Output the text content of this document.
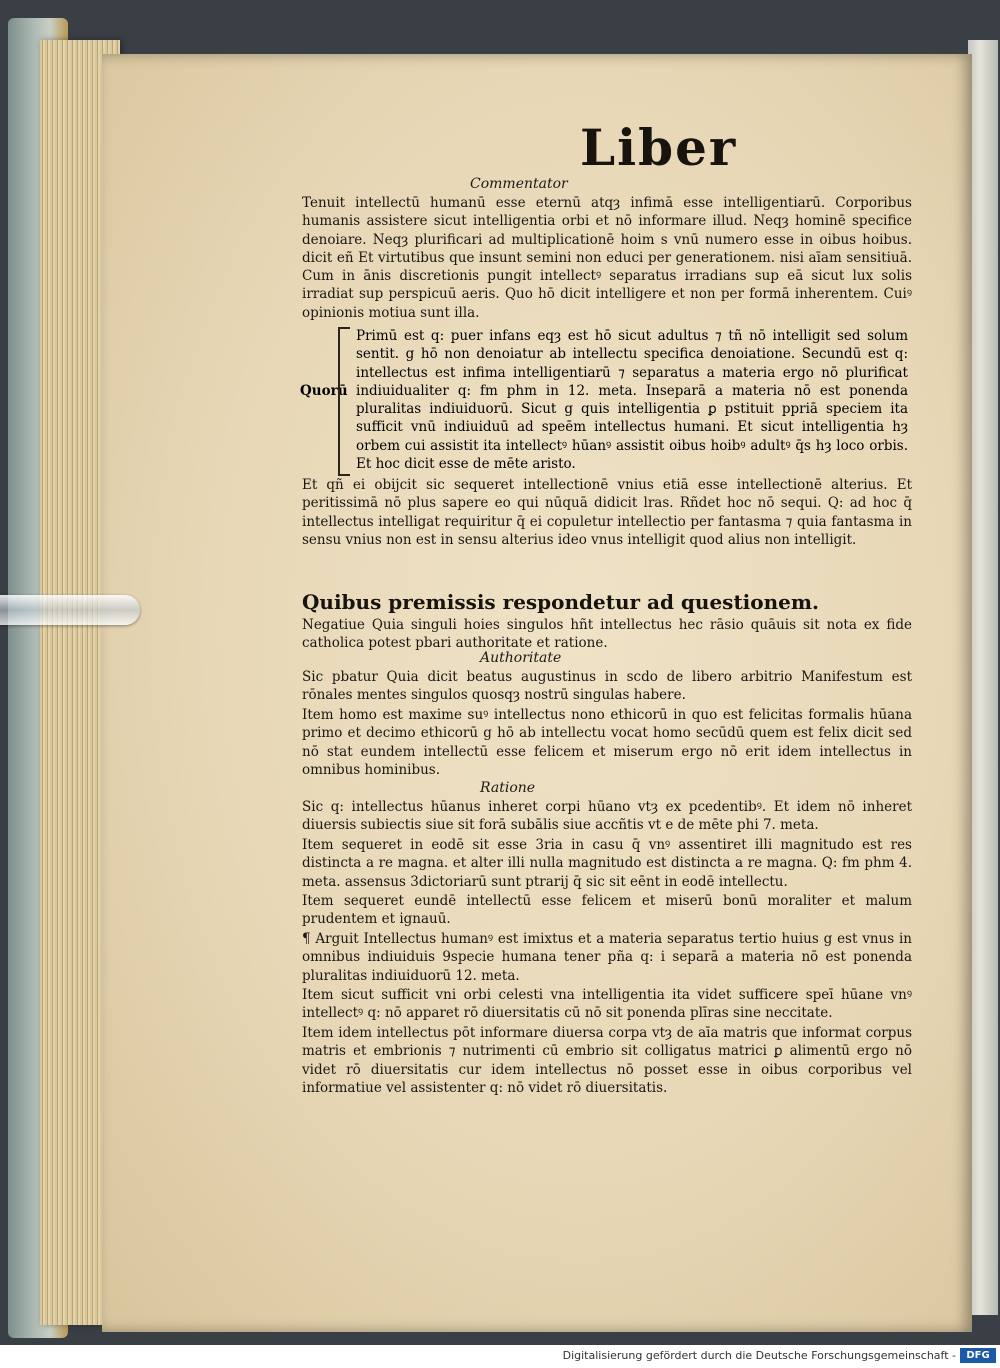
Liber
Commentator

Tenuit intellectū humanū esse eternū atqȝ infimā esse intelligentiarū. Corporibus humanis assistere sicut intelligentia orbi et nō informare illud. Neqȝ hominē specifice denoiare. Neqȝ plurificari ad multiplicationē hoim s vnū numero esse in oibus hoibus. dicit eñ Et virtutibus que insunt semini non educi per generationem. nisi aīam sensitiuā. Cum in ānis discretionis pungit intellectꝰ separatus irradians sup eā sicut lux solis irradiat sup perspicuū aeris. Quo hō dicit intelligere et non per formā inherentem. Cuiꝰ opinionis motiua sunt illa.

Quorū

Primū est q: puer infans eqȝ est hō sicut adultus ⁊ tñ nō intelligit sed solum sentit. g hō non denoiatur ab intellectu specifica denoiatione. Secundū est q: intellectus est infima intelligentiarū ⁊ separatus a materia ergo nō plurificat indiuidualiter q: fm phm in 12. meta. Inseparā a materia nō est ponenda pluralitas indiuiduorū. Sicut g quis intelligentia ꝑ pstituit ppriā speciem ita sufficit vnū indiuiduū ad speēm intellectus humani. Et sicut intelligentia hȝ orbem cui assistit ita intellectꝰ hūanꝰ assistit oibus hoibꝰ adultꝰ q̄s hȝ loco orbis. Et hoc dicit esse de mēte aristo.

Et qñ ei obijcit sic sequeret intellectionē vnius etiā esse intellectionē alterius. Et peritissimā nō plus sapere eo qui nūquā didicit lras. Rñdet hoc nō sequi. Q: ad hoc q̄ intellectus intelligat requiritur q̄ ei copuletur intellectio per fantasma ⁊ quia fantasma in sensu vnius non est in sensu alterius ideo vnus intelligit quod alius non intelligit.

Quibus premissis respondetur ad questionem.

Negatiue Quia singuli hoies singulos hñt intellectus hec rāsio quāuis sit nota ex fide catholica potest pbari authoritate et ratione.

Authoritate

Sic pbatur Quia dicit beatus augustinus in scdo de libero arbitrio Manifestum est rōnales mentes singulos quosqȝ nostrū singulas habere.

Item homo est maxime suꝰ intellectus nono ethicorū in quo est felicitas formalis hūana primo et decimo ethicorū g hō ab intellectu vocat homo secūdū quem est felix dicit sed nō stat eundem intellectū esse felicem et miserum ergo nō erit idem intellectus in omnibus hominibus.

Ratione

Sic q: intellectus hūanus inheret corpi hūano vtȝ ex pcedentibꝰ. Et idem nō inheret diuersis subiectis siue sit forā subālis siue accñtis vt e de mēte phi 7. meta.

Item sequeret in eodē sit esse 3ria in casu q̄ vnꝰ assentiret illi magnitudo est res distincta a re magna. et alter illi nulla magnitudo est distincta a re magna. Q: fm phm 4. meta. assensus 3dictoriarū sunt ptrarij q̄ sic sit eēnt in eodē intellectu.

Item sequeret eundē intellectū esse felicem et miserū bonū moraliter et malum prudentem et ignauū.

¶ Arguit Intellectus humanꝰ est imixtus et a materia separatus tertio huius g est vnus in omnibus indiuiduis 9specie humana tener pña q: i separā a materia nō est ponenda pluralitas indiuiduorū 12. meta.

Item sicut sufficit vni orbi celesti vna intelligentia ita videt sufficere speī hūane vnꝰ intellectꝰ q: nō apparet rō diuersitatis cū nō sit ponenda plīras sine neccitate.

Item idem intellectus pōt informare diuersa corpa vtȝ de aīa matris que informat corpus matris et embrionis ⁊ nutrimenti cū embrio sit colligatus matrici ꝑ alimentū ergo nō videt rō diuersitatis cur idem intellectus nō posset esse in oibus corporibus vel informatiue vel assistenter q: nō videt rō diuersitatis.

Digitalisierung gefördert durch die Deutsche Forschungsgemeinschaft -	DFG
